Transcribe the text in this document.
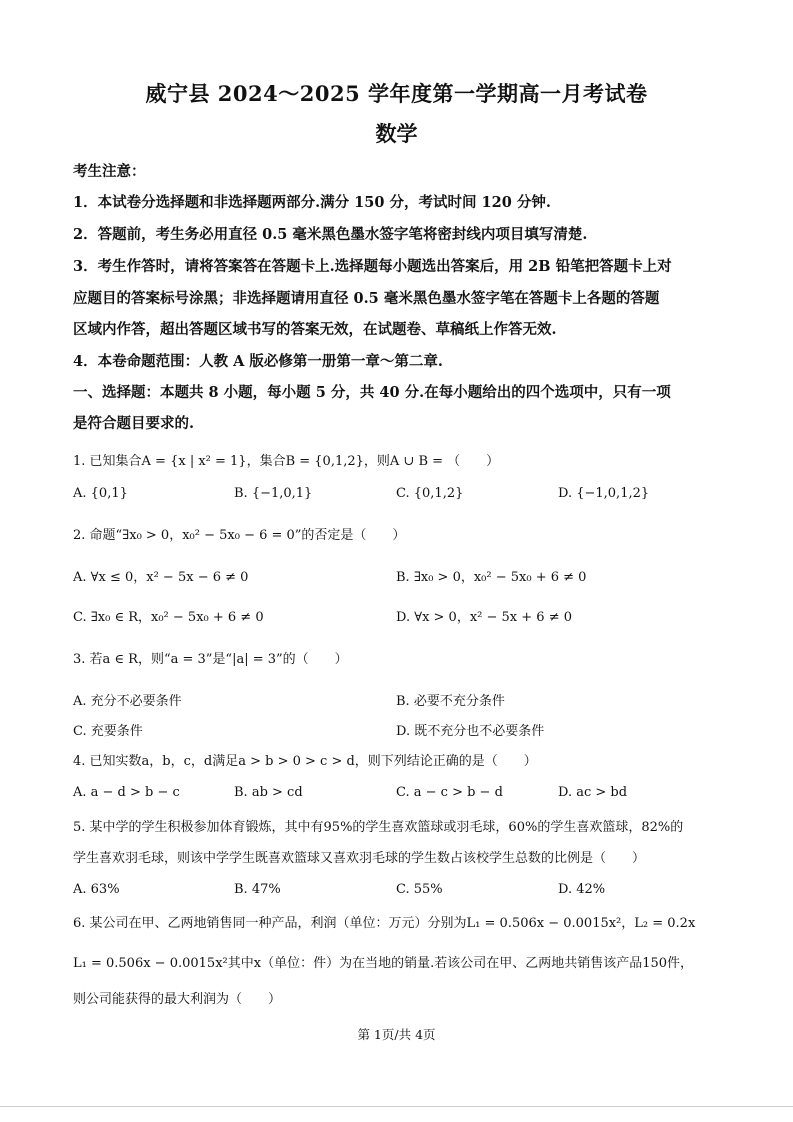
威宁县 2024～2025 学年度第一学期高一月考试卷
数学
考生注意：
1．本试卷分选择题和非选择题两部分.满分 150 分，考试时间 120 分钟.
2．答题前，考生务必用直径 0.5 毫米黑色墨水签字笔将密封线内项目填写清楚.
3．考生作答时，请将答案答在答题卡上.选择题每小题选出答案后，用 2B 铅笔把答题卡上对
应题目的答案标号涂黑；非选择题请用直径 0.5 毫米黑色墨水签字笔在答题卡上各题的答题
区域内作答，超出答题区域书写的答案无效，在试题卷、草稿纸上作答无效.
4．本卷命题范围：人教 A 版必修第一册第一章～第二章.
一、选择题：本题共 8 小题，每小题 5 分，共 40 分.在每小题给出的四个选项中，只有一项
是符合题目要求的.
1. 已知集合A = {x | x² = 1}，集合B = {0,1,2}，则A ∪ B = （　　）
A. {0,1}	B. {−1,0,1}	C. {0,1,2}	D. {−1,0,1,2}
2. 命题“∃x₀ > 0，x₀² − 5x₀ − 6 = 0”的否定是（　　）
A. ∀x ≤ 0，x² − 5x − 6 ≠ 0	B. ∃x₀ > 0，x₀² − 5x₀ + 6 ≠ 0
C. ∃x₀ ∈ R，x₀² − 5x₀ + 6 ≠ 0	D. ∀x > 0，x² − 5x + 6 ≠ 0
3. 若a ∈ R，则“a = 3”是“|a| = 3”的（　　）
A. 充分不必要条件	B. 必要不充分条件
C. 充要条件	D. 既不充分也不必要条件
4. 已知实数a，b，c，d满足a > b > 0 > c > d，则下列结论正确的是（　　）
A. a − d > b − c	B. ab > cd	C. a − c > b − d	D. ac > bd
5. 某中学的学生积极参加体育锻炼，其中有95%的学生喜欢篮球或羽毛球，60%的学生喜欢篮球，82%的
学生喜欢羽毛球，则该中学学生既喜欢篮球又喜欢羽毛球的学生数占该校学生总数的比例是（　　）
A. 63%	B. 47%	C. 55%	D. 42%
6. 某公司在甲、乙两地销售同一种产品，利润（单位：万元）分别为L₁ = 0.506x − 0.0015x²，L₂ = 0.2x
L₁ = 0.506x − 0.0015x²其中x（单位：件）为在当地的销量.若该公司在甲、乙两地共销售该产品150件，
则公司能获得的最大利润为（　　）
第 1页/共 4页
